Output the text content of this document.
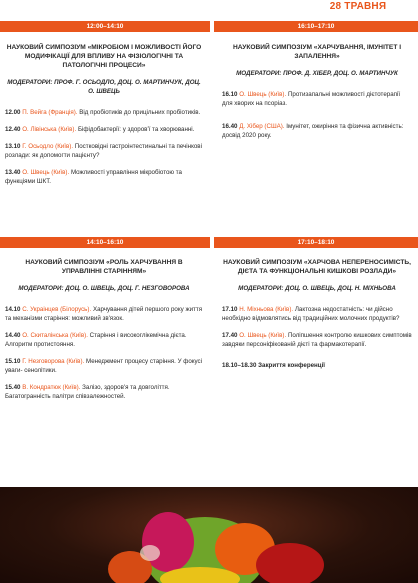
28 ТРАВНЯ
12:00–14:10
НАУКОВИЙ СИМПОЗІУМ «МІКРОБІОМ І МОЖЛИВОСТІ ЙОГО МОДИФІКАЦІЇ ДЛЯ ВПЛИВУ НА ФІЗІОЛОГІЧНІ ТА ПАТОЛОГІЧНІ ПРОЦЕСИ»
МОДЕРАТОРИ: ПРОФ. Г. ОСЬОДЛО, ДОЦ. О. МАРТИНЧУК, ДОЦ. О. ШВЕЦЬ
12.00 П. Вейга (Франція). Від пробіотиків до прицільних пробіотиків.
12.40 О. Лівінська (Київ). Біфідобактерії: у здоров'ї та хворюванні.
13.10 Г. Осьодло (Київ). Постковідні гастроінтестинальні та печінкові розлади: як допомогти пацієнту?
13.40 О. Швець (Київ). Можливості управління мікробіотою та функціями ШКТ.
16:10–17:10
НАУКОВИЙ СИМПОЗІУМ «ХАРЧУВАННЯ, ІМУНІТЕТ І ЗАПАЛЕННЯ»
МОДЕРАТОРИ: ПРОФ. Д. ХІБЕР, ДОЦ. О. МАРТИНЧУК
16.10 О. Швець (Київ). Протизапальні можливості дієтотерапії для хворих на псоріаз.
16.40 Д. Хібер (США). Імунітет, ожиріння та фізична активність: досвід 2020 року.
14:10–16:10
НАУКОВИЙ СИМПОЗІУМ «РОЛЬ ХАРЧУВАННЯ В УПРАВЛІННІ СТАРІННЯМ»
МОДЕРАТОРИ: ДОЦ. О. ШВЕЦЬ, ДОЦ. Г. НЕЗГОВОРОВА
14.10 С. Украінцев (Білорусь). Харчування дітей першого року життя та механізми старіння: можливий зв'язок.
14.40 О. Скиталінська (Київ). Старіння і високоглікемічна дієта. Алгоритм протистояння.
15.10 Г. Незговорова (Київ). Менеджмент процесу старіння. У фокусі уваги- сенолітики.
15.40 В. Кондратюк (Київ). Залізо, здоров'я та довголіття. Багатогранність палітри співзалежностей.
17:10–18:10
НАУКОВИЙ СИМПОЗІУМ «ХАРЧОВА НЕПЕРЕНОСИМІСТЬ, ДІЄТА ТА ФУНКЦІОНАЛЬНІ КИШКОВІ РОЗЛАДИ»
МОДЕРАТОРИ: ДОЦ. О. ШВЕЦЬ, ДОЦ. Н. МІХНЬОВА
17.10 Н. Міхньова (Київ). Лактозна недостатність: чи дійсно необхідно відмовлятись від традиційних молочних продуктів?
17.40 О. Швець (Київ). Поліпшення контролю кишкових симптомів завдяки персоніфікованій дієті та фармакотерапії.
18.10–18.30 Закриття конференції
